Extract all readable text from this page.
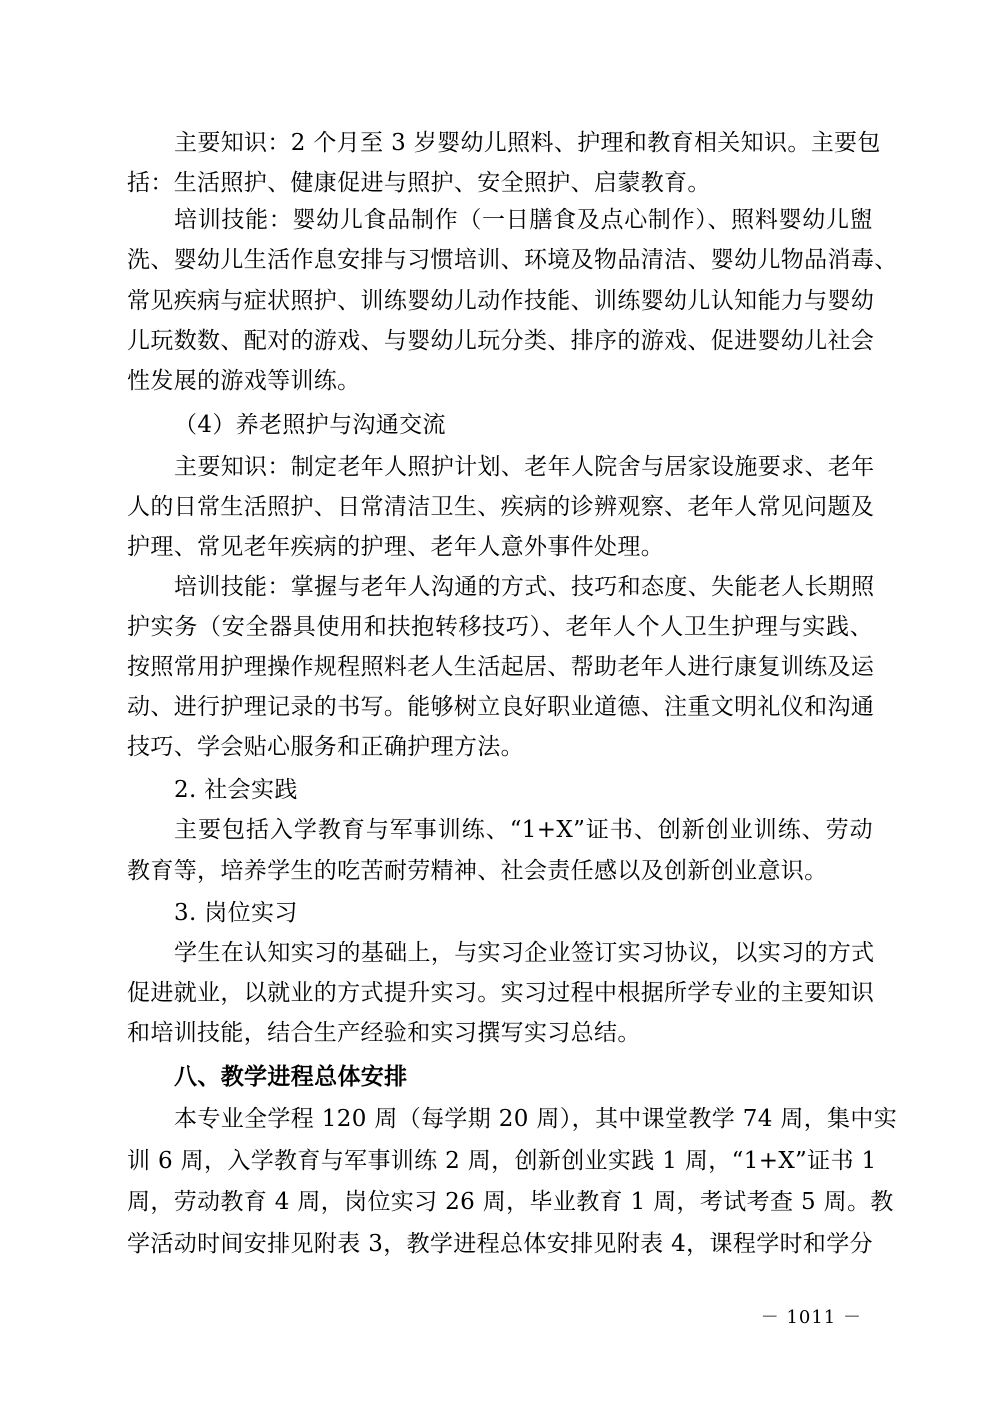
主要知识：2 个月至 3 岁婴幼儿照料、护理和教育相关知识。主要包
括：生活照护、健康促进与照护、安全照护、启蒙教育。
培训技能：婴幼儿食品制作（一日膳食及点心制作）、照料婴幼儿盥
洗、婴幼儿生活作息安排与习惯培训、环境及物品清洁、婴幼儿物品消毒、
常见疾病与症状照护、训练婴幼儿动作技能、训练婴幼儿认知能力与婴幼
儿玩数数、配对的游戏、与婴幼儿玩分类、排序的游戏、促进婴幼儿社会
性发展的游戏等训练。
（4）养老照护与沟通交流
主要知识：制定老年人照护计划、老年人院舍与居家设施要求、老年
人的日常生活照护、日常清洁卫生、疾病的诊辨观察、老年人常见问题及
护理、常见老年疾病的护理、老年人意外事件处理。
培训技能：掌握与老年人沟通的方式、技巧和态度、失能老人长期照
护实务（安全器具使用和扶抱转移技巧）、老年人个人卫生护理与实践、
按照常用护理操作规程照料老人生活起居、帮助老年人进行康复训练及运
动、进行护理记录的书写。能够树立良好职业道德、注重文明礼仪和沟通
技巧、学会贴心服务和正确护理方法。
2. 社会实践
主要包括入学教育与军事训练、“1+X”证书、创新创业训练、劳动
教育等，培养学生的吃苦耐劳精神、社会责任感以及创新创业意识。
3. 岗位实习
学生在认知实习的基础上，与实习企业签订实习协议，以实习的方式
促进就业，以就业的方式提升实习。实习过程中根据所学专业的主要知识
和培训技能，结合生产经验和实习撰写实习总结。
八、教学进程总体安排
本专业全学程 120 周（每学期 20 周），其中课堂教学 74 周，集中实
训 6 周，入学教育与军事训练 2 周，创新创业实践 1 周，“1+X”证书 1
周，劳动教育 4 周，岗位实习 26 周，毕业教育 1 周，考试考查 5 周。教
学活动时间安排见附表 3，教学进程总体安排见附表 4，课程学时和学分
－ 1011 －
